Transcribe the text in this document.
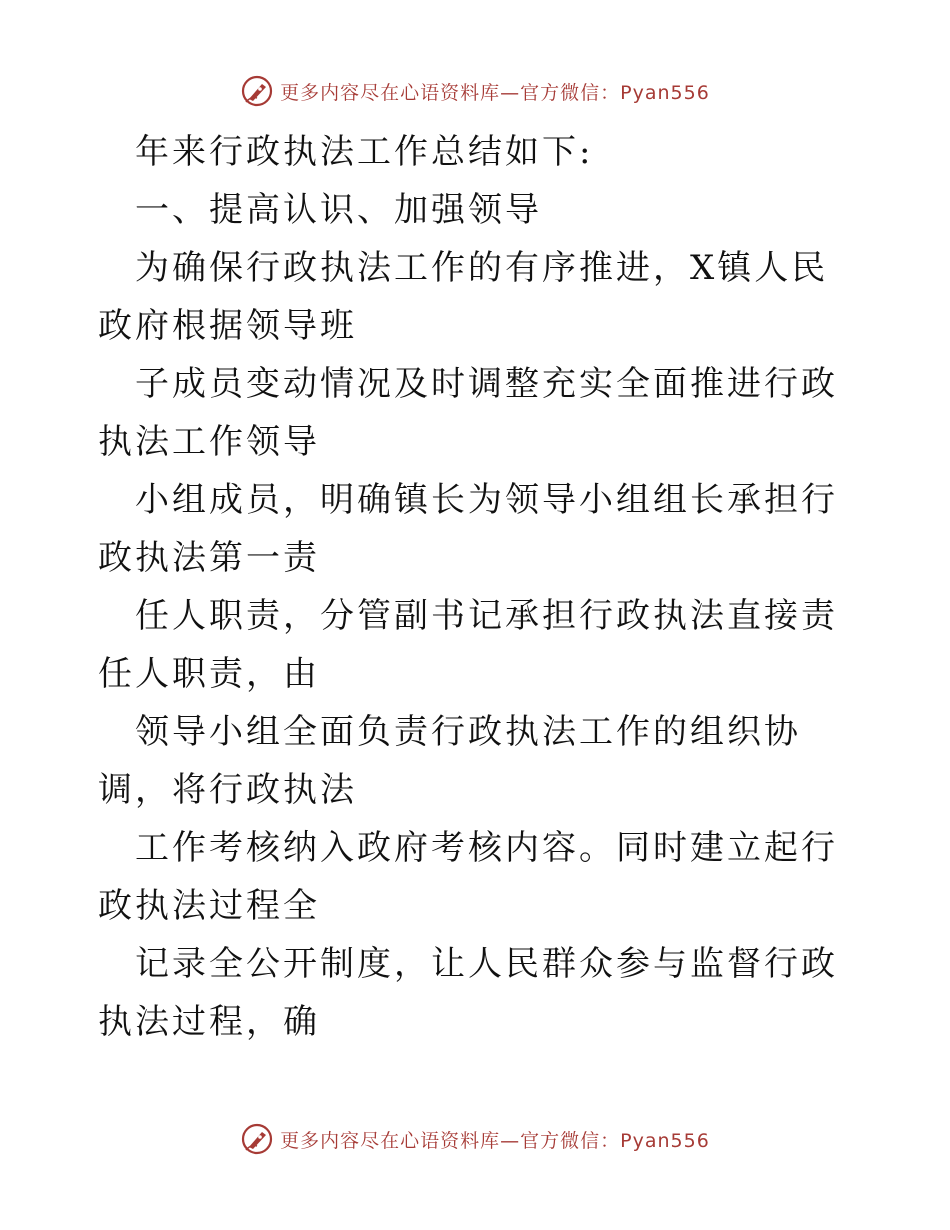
更多内容尽在心语资料库—官方微信：Pyan556

年来行政执法工作总结如下:

一、提高认识、加强领导

为确保行政执法工作的有序推进，X镇人民政府根据领导班

子成员变动情况及时调整充实全面推进行政执法工作领导

小组成员，明确镇长为领导小组组长承担行政执法第一责

任人职责，分管副书记承担行政执法直接责任人职责，由

领导小组全面负责行政执法工作的组织协调，将行政执法

工作考核纳入政府考核内容。同时建立起行政执法过程全

记录全公开制度，让人民群众参与监督行政执法过程，确

更多内容尽在心语资料库—官方微信：Pyan556
